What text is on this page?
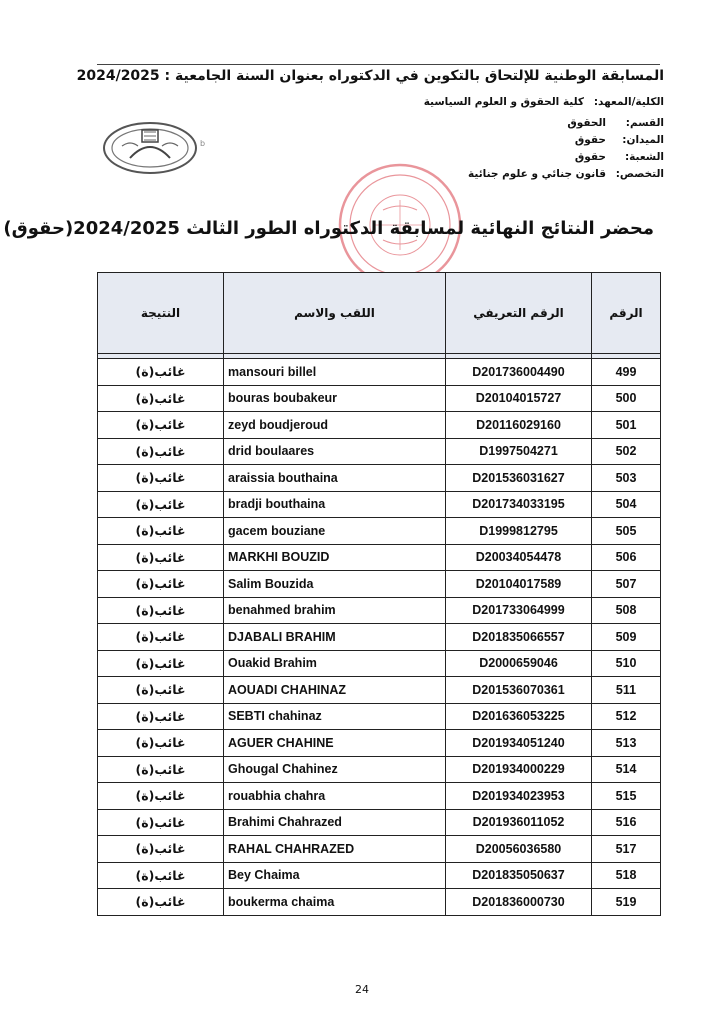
المسابقة الوطنية للإلتحاق بالتكوين في الدكتوراه بعنوان السنة الجامعية : 2024/2025
الكلية/المعهد:كلية الحقوق و العلوم السياسية
القسم:الحقوق
الميدان:حقوق
الشعبة:حقوق
التخصص:قانون جنائي و علوم جنائية
b
محضر النتائج النهائية لمسابقة الدكتوراه الطور الثالث 2024/2025(حقوق)
النتيجة	اللقب والاسم	الرقم التعريفي	الرقم

غائب(ة)	mansouri billel	D201736004490	499
غائب(ة)	bouras boubakeur	D20104015727	500
غائب(ة)	zeyd boudjeroud	D20116029160	501
غائب(ة)	drid boulaares	D1997504271	502
غائب(ة)	araissia bouthaina	D201536031627	503
غائب(ة)	bradji bouthaina	D201734033195	504
غائب(ة)	gacem bouziane	D1999812795	505
غائب(ة)	MARKHI BOUZID	D20034054478	506
غائب(ة)	Salim Bouzida	D20104017589	507
غائب(ة)	benahmed brahim	D201733064999	508
غائب(ة)	DJABALI BRAHIM	D201835066557	509
غائب(ة)	Ouakid Brahim	D2000659046	510
غائب(ة)	AOUADI CHAHINAZ	D201536070361	511
غائب(ة)	SEBTI chahinaz	D201636053225	512
غائب(ة)	AGUER CHAHINE	D201934051240	513
غائب(ة)	Ghougal Chahinez	D201934000229	514
غائب(ة)	rouabhia chahra	D201934023953	515
غائب(ة)	Brahimi Chahrazed	D201936011052	516
غائب(ة)	RAHAL CHAHRAZED	D20056036580	517
غائب(ة)	Bey Chaima	D201835050637	518
غائب(ة)	boukerma chaima	D201836000730	519
24
